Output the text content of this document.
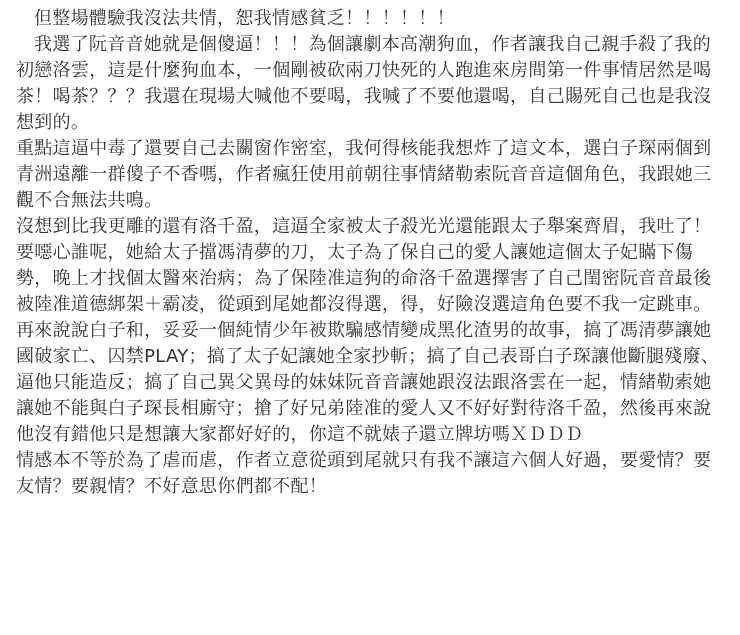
但整場體驗我沒法共情，恕我情感貧乏！！！！！！

我選了阮音音她就是個傻逼！！！為個讓劇本高潮狗血，作者讓我自己親手殺了我的初戀洛雲，這是什麼狗血本，一個剛被砍兩刀快死的人跑進來房間第一件事情居然是喝茶！喝茶？？？我還在現場大喊他不要喝，我喊了不要他還喝，自己賜死自己也是我沒想到的。

重點這逼中毒了還要自己去關窗作密室，我何得核能我想炸了這文本，選白子琛兩個到青洲遠離一群傻子不香嗎，作者瘋狂使用前朝往事情緒勒索阮音音這個角色，我跟她三觀不合無法共鳴。

沒想到比我更雕的還有洛千盈，這逼全家被太子殺光光還能跟太子舉案齊眉，我吐了！要噁心誰呢，她給太子擋馮清夢的刀，太子為了保自己的愛人讓她這個太子妃瞞下傷勢，晚上才找個太醫來治病；為了保陸准這狗的命洛千盈選擇害了自己閨密阮音音最後被陸准道德綁架＋霸凌，從頭到尾她都沒得選，得，好險沒選這角色要不我一定跳車。

再來說說白子和，妥妥一個純情少年被欺騙感情變成黑化渣男的故事，搞了馮清夢讓她國破家亡、囚禁PLAY；搞了太子妃讓她全家抄斬；搞了自己表哥白子琛讓他斷腿殘廢、逼他只能造反；搞了自己異父異母的妹妹阮音音讓她跟沒法跟洛雲在一起，情緒勒索她讓她不能與白子琛長相廝守；搶了好兄弟陸准的愛人又不好好對待洛千盈，然後再來說他沒有錯他只是想讓大家都好好的，你這不就婊子還立牌坊嗎ＸＤＤＤ

情感本不等於為了虐而虐，作者立意從頭到尾就只有我不讓這六個人好過，要愛情？要友情？要親情？不好意思你們都不配！
